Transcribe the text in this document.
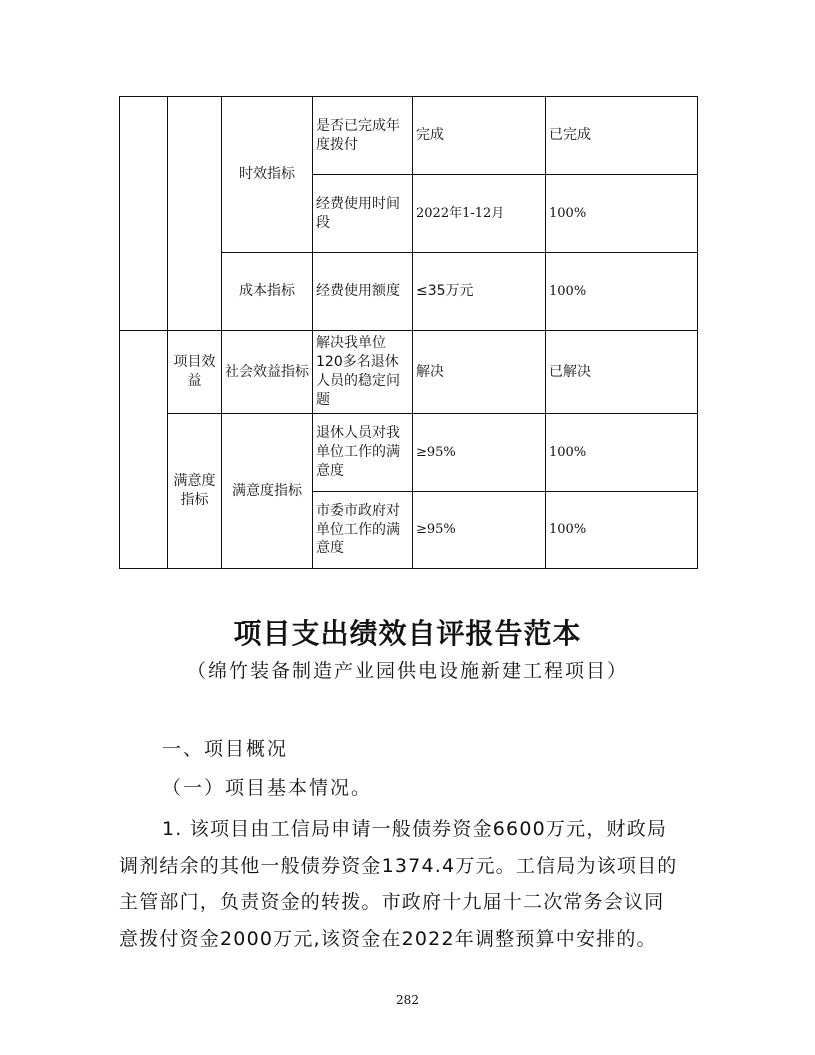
		时效指标	是否已完成年度拨付	完成	已完成
			经费使用时间段	2022年1-12月	100%
		成本指标	经费使用额度	≤35万元	100%
	项目效益	社会效益指标	解决我单位120多名退休人员的稳定问题	解决	已解决
	满意度指标	满意度指标	退休人员对我单位工作的满意度	≥95%	100%
			市委市政府对单位工作的满意度	≥95%	100%
项目支出绩效自评报告范本
（绵竹装备制造产业园供电设施新建工程项目）
一、项目概况
（一）项目基本情况。
1. 该项目由工信局申请一般债券资金6600万元，财政局
调剂结余的其他一般债券资金1374.4万元。工信局为该项目的
主管部门，负责资金的转拨。市政府十九届十二次常务会议同
意拨付资金2000万元,该资金在2022年调整预算中安排的。
282
